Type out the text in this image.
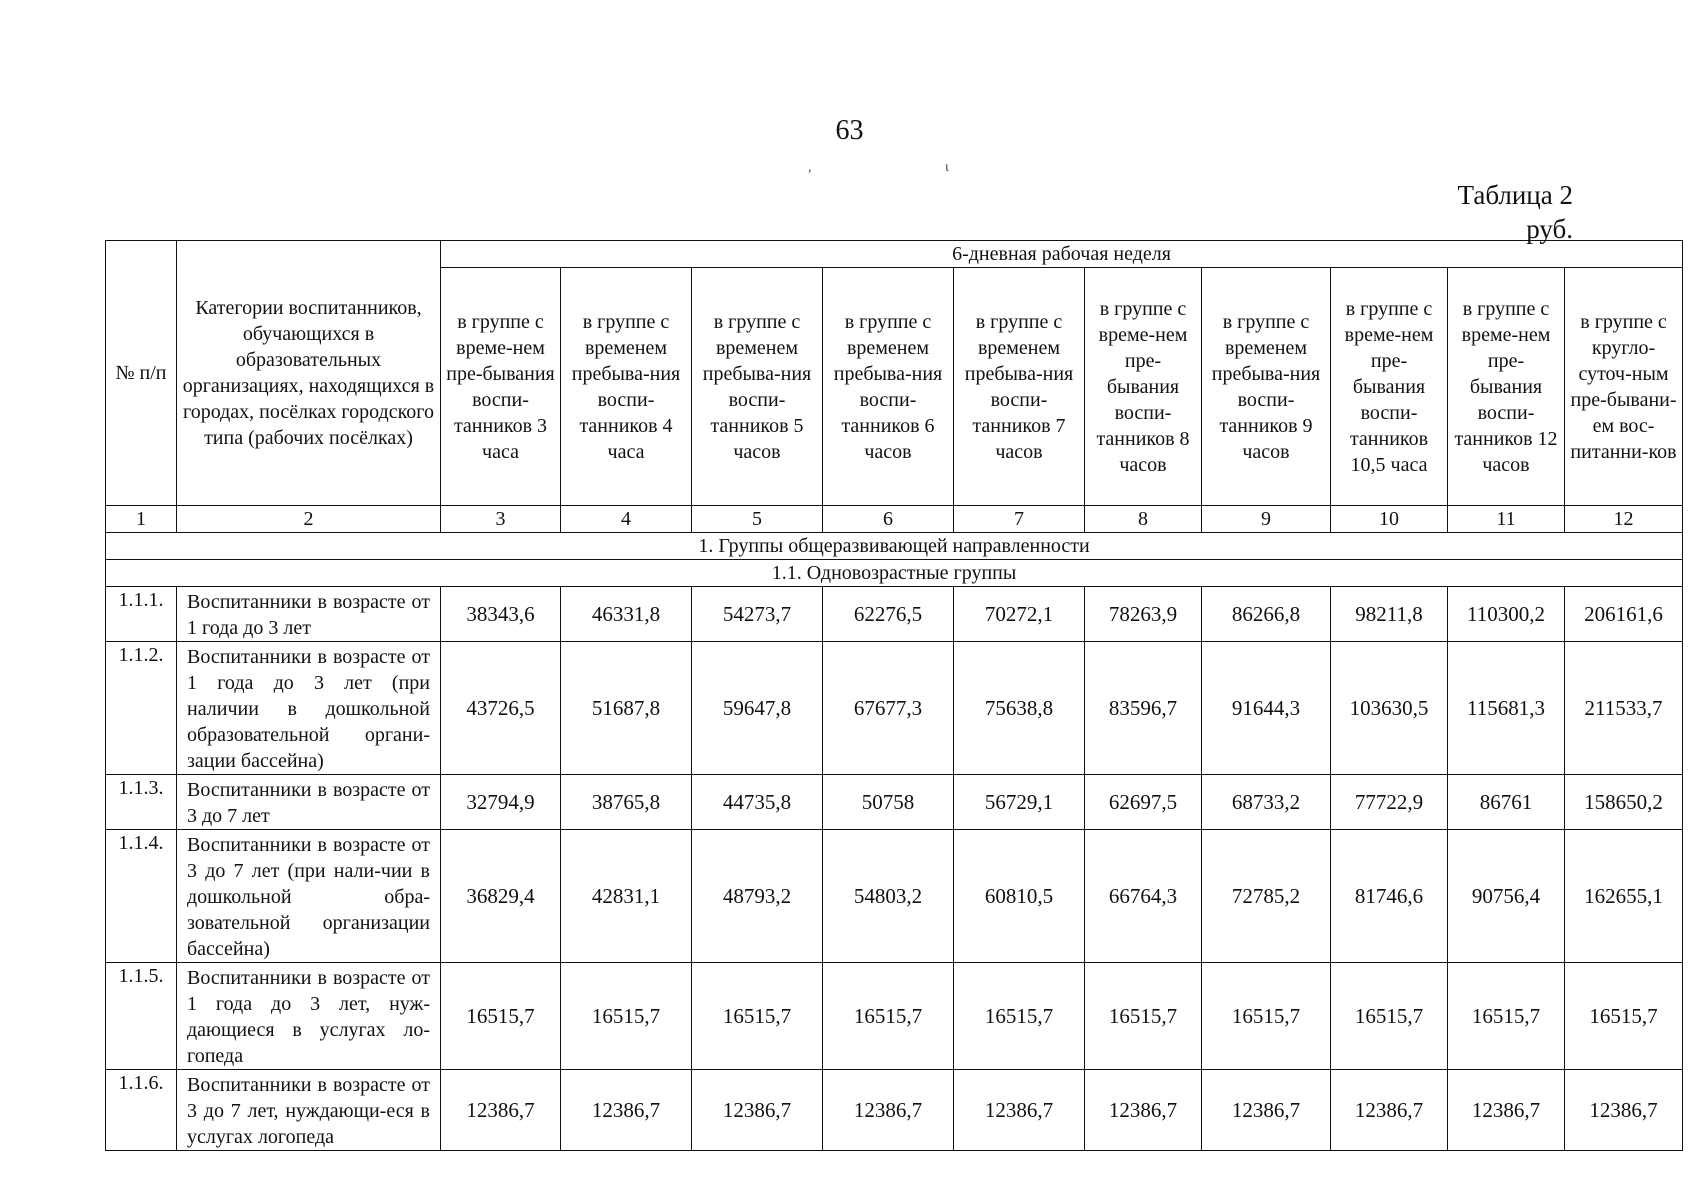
63
,	ι
Таблица 2
руб.
№ п/п	Категории воспитанников, обучающихся в образовательных организациях, находящихся в городах, посёлках городского типа (рабочих посёлках)	6-дневная рабочая неделя									
		в группе с време-нем пре-бывания воспи-танников 3 часа	в группе с временем пребыва-ния воспи-танников 4 часа	в группе с временем пребыва-ния воспи-танников 5 часов	в группе с временем пребыва-ния воспи-танников 6 часов	в группе с временем пребыва-ния воспи-танников 7 часов	в группе с време-нем пре-бывания воспи-танников 8 часов	в группе с временем пребыва-ния воспи-танников 9 часов	в группе с време-нем пре-бывания воспи-танников 10,5 часа	в группе с време-нем пре-бывания воспи-танников 12 часов	в группе с кругло-суточ-ным пре-бывани-ем вос-питанни-ков
1	2	3	4	5	6	7	8	9	10	11	12
1. Группы общеразвивающей направленности											
1.1. Одновозрастные группы											
1.1.1.	Воспитанники в возрасте от 1 года до 3 лет	38343,6	46331,8	54273,7	62276,5	70272,1	78263,9	86266,8	98211,8	110300,2	206161,6
1.1.2.	Воспитанники в возрасте от 1 года до 3 лет (при наличии в дошкольной образовательной органи-зации бассейна)	43726,5	51687,8	59647,8	67677,3	75638,8	83596,7	91644,3	103630,5	115681,3	211533,7
1.1.3.	Воспитанники в возрасте от 3 до 7 лет	32794,9	38765,8	44735,8	50758	56729,1	62697,5	68733,2	77722,9	86761	158650,2
1.1.4.	Воспитанники в возрасте от 3 до 7 лет (при нали-чии в дошкольной обра-зовательной организации бассейна)	36829,4	42831,1	48793,2	54803,2	60810,5	66764,3	72785,2	81746,6	90756,4	162655,1
1.1.5.	Воспитанники в возрасте от 1 года до 3 лет, нуж-дающиеся в услугах ло-гопеда	16515,7	16515,7	16515,7	16515,7	16515,7	16515,7	16515,7	16515,7	16515,7	16515,7
1.1.6.	Воспитанники в возрасте от 3 до 7 лет, нуждающи-еся в услугах логопеда	12386,7	12386,7	12386,7	12386,7	12386,7	12386,7	12386,7	12386,7	12386,7	12386,7
